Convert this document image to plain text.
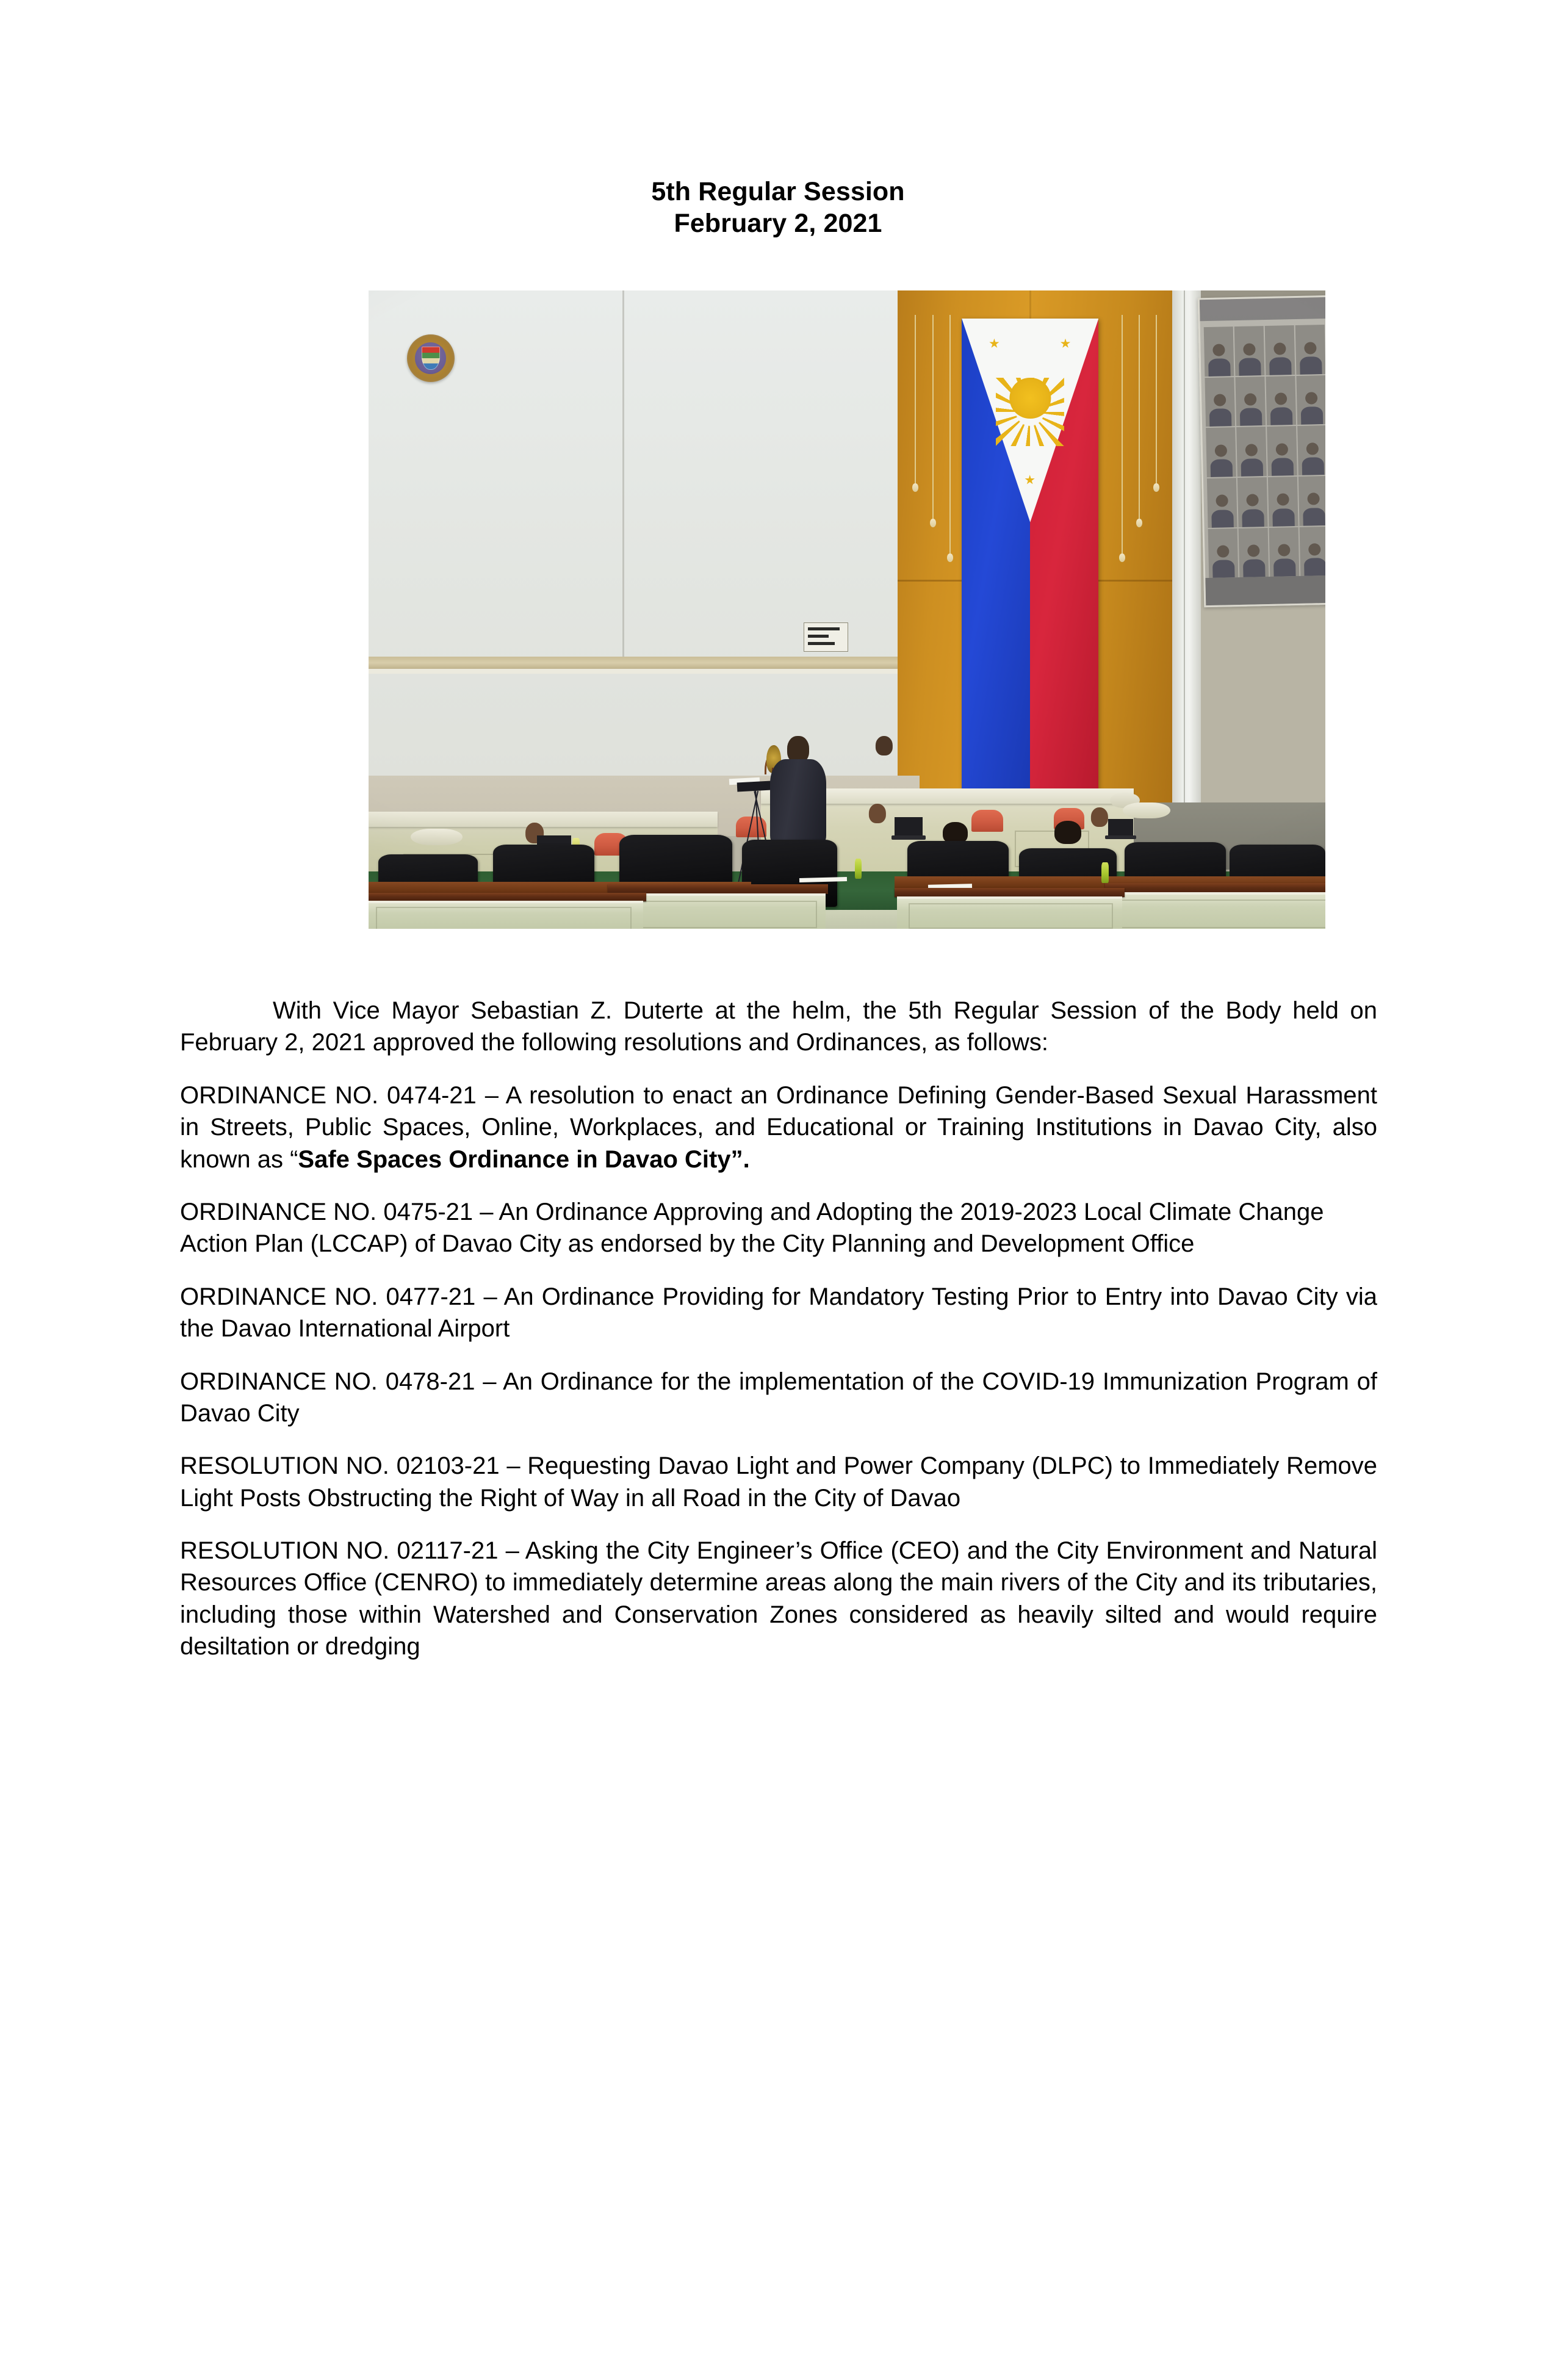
5th Regular Session
February 2, 2021

With Vice Mayor Sebastian Z. Duterte at the helm, the 5th Regular Session of the Body held on February 2, 2021 approved the following resolutions and Ordinances, as follows:

ORDINANCE NO. 0474-21 – A resolution to enact an Ordinance Defining Gender-Based Sexual Harassment in Streets, Public Spaces, Online, Workplaces, and Educational or Training Institutions in Davao City, also known as “Safe Spaces Ordinance in Davao City”.

ORDINANCE NO. 0475-21 – An Ordinance Approving and Adopting the 2019-2023 Local Climate Change Action Plan (LCCAP) of Davao City as endorsed by the City Planning and Development Office

ORDINANCE NO. 0477-21 – An Ordinance Providing for Mandatory Testing Prior to Entry into Davao City via the Davao International Airport

ORDINANCE NO. 0478-21 – An Ordinance for the implementation of the COVID-19 Immunization Program of Davao City

RESOLUTION NO. 02103-21 – Requesting Davao Light and Power Company (DLPC) to Immediately Remove Light Posts Obstructing the Right of Way in all Road in the City of Davao

RESOLUTION NO. 02117-21 – Asking the City Engineer’s Office (CEO) and the City Environment and Natural Resources Office (CENRO) to immediately determine areas along the main rivers of the City and its tributaries, including those within Watershed and Conservation Zones considered as heavily silted and would require desiltation or dredging
